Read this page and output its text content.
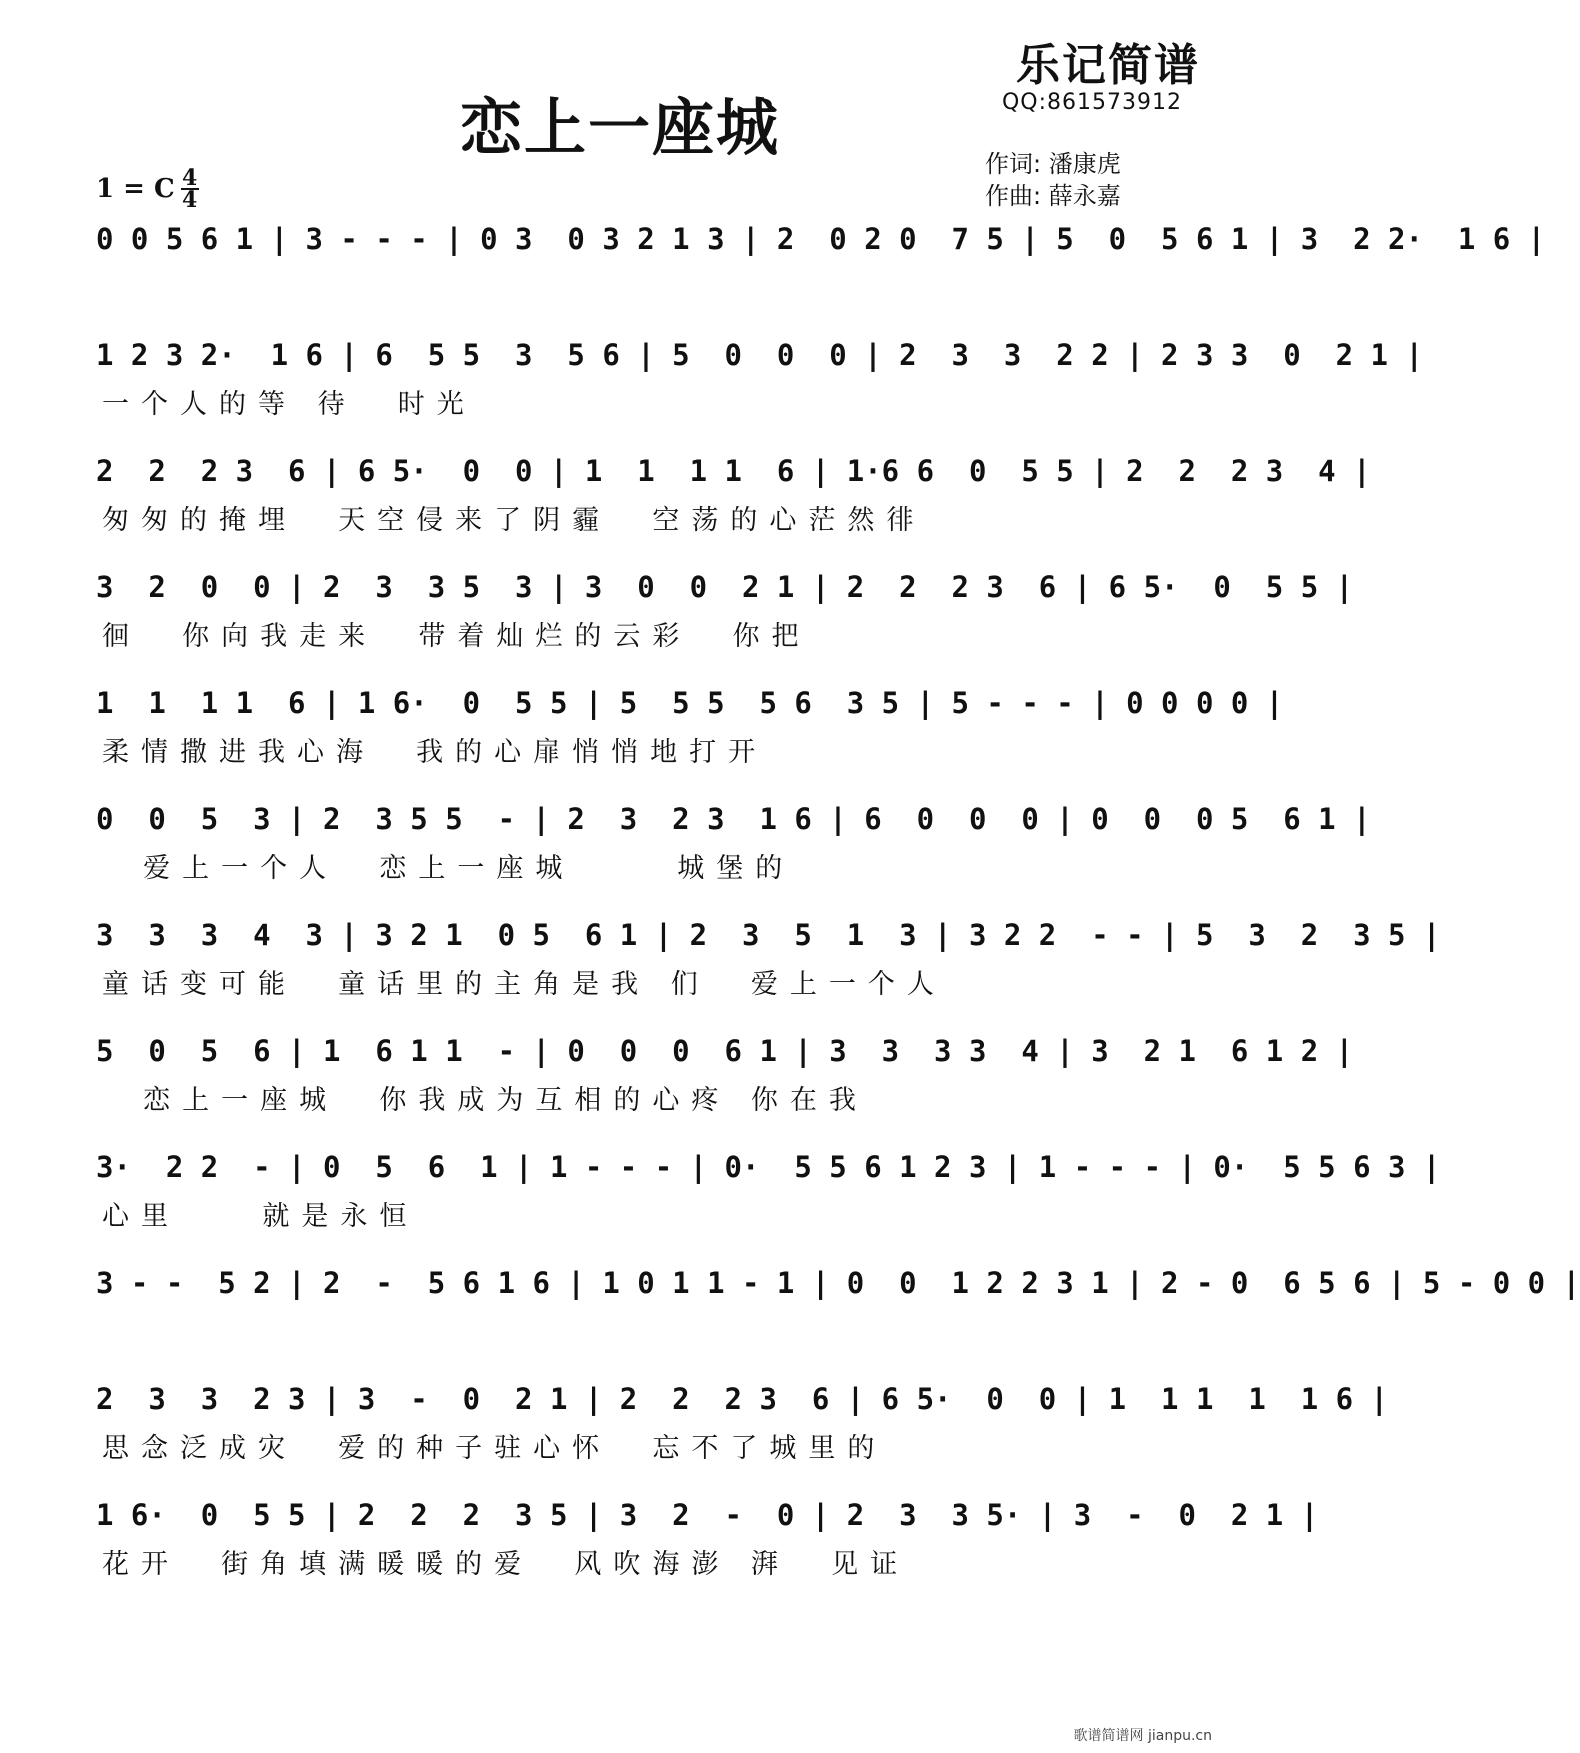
恋上一座城
乐记简谱
QQ:861573912
1 = C 4
4
作词: 潘康虎
作曲: 薛永嘉
0 0 5 6 1 | 3 - - - | 0 3  0 3 2 1 3 | 2  0 2 0  7 5 | 5  0  5 6 1 | 3  2 2·  1 6 |
1 2 3 2·  1 6 | 6  5 5  3  5 6 | 5  0  0  0 | 2  3  3  2 2 | 2 3 3  0  2 1 |
一个人的等 待  时光
2  2  2 3  6 | 6 5·  0  0 | 1  1  1 1  6 | 1·6 6  0  5 5 | 2  2  2 3  4 |
匆匆的掩埋  天空侵来了阴霾  空荡的心茫然徘
3  2  0  0 | 2  3  3 5  3 | 3  0  0  2 1 | 2  2  2 3  6 | 6 5·  0  5 5 |
徊  你向我走来  带着灿烂的云彩  你把
1  1  1 1  6 | 1 6·  0  5 5 | 5  5 5  5 6  3 5 | 5 - - - | 0 0 0 0 |
柔情撒进我心海  我的心扉悄悄地打开
0  0  5  3 | 2  3 5 5  - | 2  3  2 3  1 6 | 6  0  0  0 | 0  0  0 5  6 1 |
爱上一个人  恋上一座城     城堡的
3  3  3  4  3 | 3 2 1  0 5  6 1 | 2  3  5  1  3 | 3 2 2  - - | 5  3  2  3 5 |
童话变可能  童话里的主角是我 们  爱上一个人
5  0  5  6 | 1  6 1 1  - | 0  0  0  6 1 | 3  3  3 3  4 | 3  2 1  6 1 2 |
恋上一座城  你我成为互相的心疼 你在我
3·  2 2  - | 0  5  6  1 | 1 - - - | 0·  5 5 6 1 2 3 | 1 - - - | 0·  5 5 6 3 |
心里    就是永恒
3 - -  5 2 | 2  -  5 6 1 6 | 1 0 1 1 - 1 | 0  0  1 2 2 3 1 | 2 - 0  6 5 6 | 5 - 0 0 |
2  3  3  2 3 | 3  -  0  2 1 | 2  2  2 3  6 | 6 5·  0  0 | 1  1 1  1  1 6 |
思念泛成灾  爱的种子驻心怀  忘不了城里的
1 6·  0  5 5 | 2  2  2  3 5 | 3  2  -  0 | 2  3  3 5· | 3  -  0  2 1 |
花开  街角填满暖暖的爱  风吹海澎 湃  见证
歌谱简谱网 jianpu.cn
